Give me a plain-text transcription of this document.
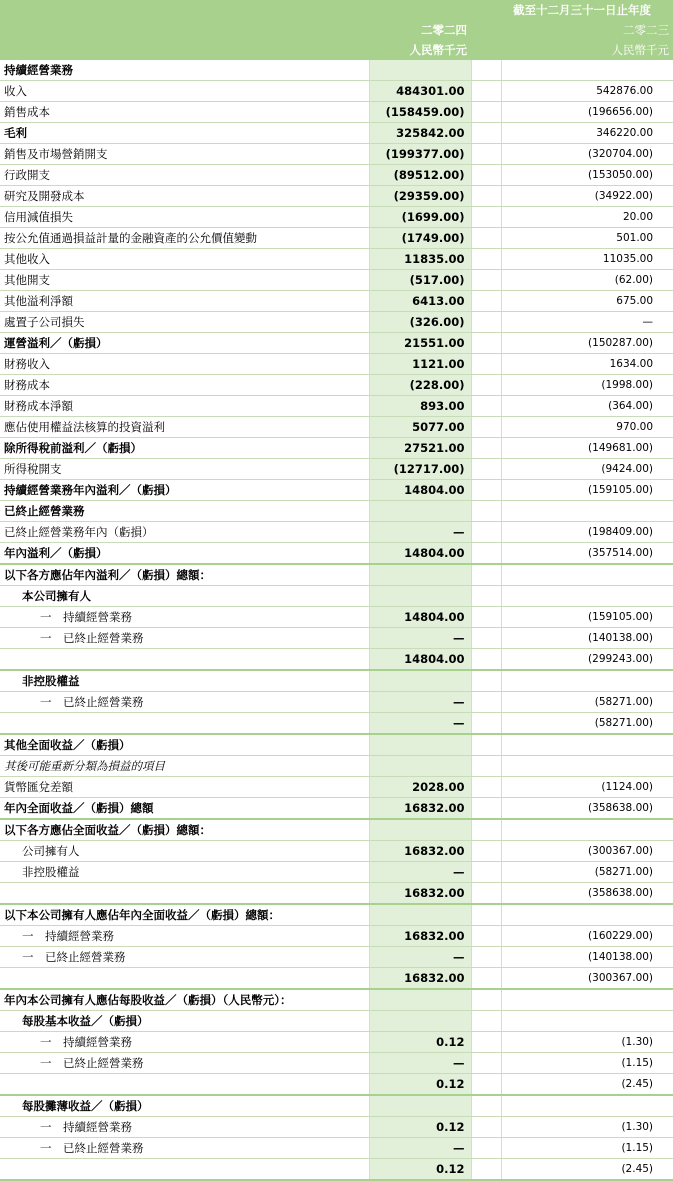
	截至十二月三十一日止年度		
	二零二四		二零二三
	人民幣千元		人民幣千元
持續經營業務			
收入	484301.00		542876.00
銷售成本	(158459.00)		(196656.00)
毛利	325842.00		346220.00
銷售及市場營銷開支	(199377.00)		(320704.00)
行政開支	(89512.00)		(153050.00)
研究及開發成本	(29359.00)		(34922.00)
信用減值損失	(1699.00)		20.00
按公允值通過損益計量的金融資產的公允價值變動	(1749.00)		501.00
其他收入	11835.00		11035.00
其他開支	(517.00)		(62.00)
其他溢利淨額	6413.00		675.00
處置子公司損失	(326.00)		—
運營溢利／（虧損）	21551.00		(150287.00)
財務收入	1121.00		1634.00
財務成本	(228.00)		(1998.00)
財務成本淨額	893.00		(364.00)
應佔使用權益法核算的投資溢利	5077.00		970.00
除所得稅前溢利／（虧損）	27521.00		(149681.00)
所得稅開支	(12717.00)		(9424.00)
持續經營業務年內溢利／（虧損）	14804.00		(159105.00)
已終止經營業務			
已終止經營業務年內（虧損）	—		(198409.00)
年內溢利／（虧損）	14804.00		(357514.00)
以下各方應佔年內溢利／（虧損）總額：			
本公司擁有人			
一　持續經營業務	14804.00		(159105.00)
一　已終止經營業務	—		(140138.00)
	14804.00		(299243.00)
非控股權益			
一　已終止經營業務	—		(58271.00)
	—		(58271.00)
其他全面收益／（虧損）			
其後可能重新分類為損益的項目			
貨幣匯兌差額	2028.00		(1124.00)
年內全面收益／（虧損）總額	16832.00		(358638.00)
以下各方應佔全面收益／（虧損）總額：			
公司擁有人	16832.00		(300367.00)
非控股權益	—		(58271.00)
	16832.00		(358638.00)
以下本公司擁有人應佔年內全面收益／（虧損）總額：			
一　持續經營業務	16832.00		(160229.00)
一　已終止經營業務	—		(140138.00)
	16832.00		(300367.00)
年內本公司擁有人應佔每股收益／（虧損）（人民幣元）：			
每股基本收益／（虧損）			
一　持續經營業務	0.12		(1.30)
一　已終止經營業務	—		(1.15)
	0.12		(2.45)
每股攤薄收益／（虧損）			
一　持續經營業務	0.12		(1.30)
一　已終止經營業務	—		(1.15)
	0.12		(2.45)
